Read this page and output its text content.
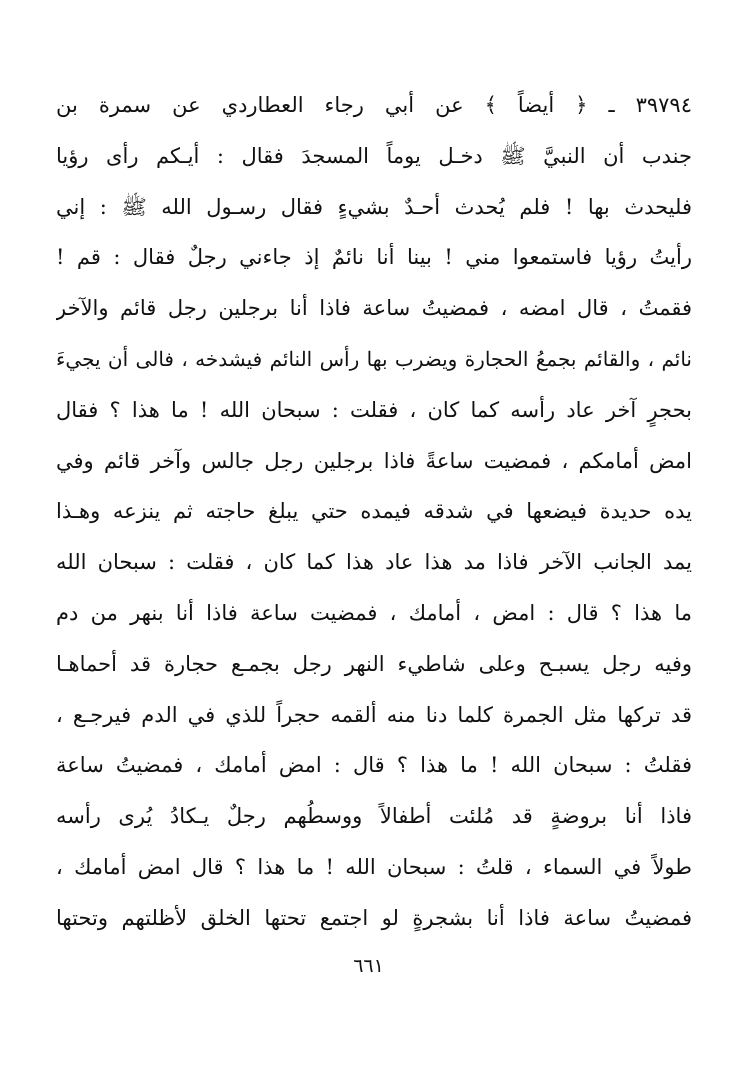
٣٩٧٩٤ ـ ﴿ أيضاً ﴾ عن أبي رجاء العطاردي عن سمرة بن
جندب أن النبيَّ ﷺ دخـل يوماً المسجدَ فقال : أيـكم رأى رؤيا
فليحدث بها ! فلم يُحدث أحـدٌ بشيءٍ فقال رسـول الله ﷺ : إني
رأيتُ رؤيا فاستمعوا مني ! بينا أنا نائمٌ إذ جاءني رجلٌ فقال : قم !
فقمتُ ، قال امضه ، فمضيتُ ساعة فاذا أنا برجلين رجل قائم والآخر
نائم ، والقائم بجمعُ الحجارة ويضرب بها رأس النائم فيشدخه ، فالى أن يجيءَ
بحجرٍ آخر عاد رأسه كما كان ، فقلت : سبحان الله ! ما هذا ؟ فقال
امض أمامكم ، فمضيت ساعةً فاذا برجلين رجل جالس وآخر قائم وفي
يده حديدة فيضعها في شدقه فيمده حتي يبلغ حاجته ثم ينزعه وهـذا
يمد الجانب الآخر فاذا مد هذا عاد هذا كما كان ، فقلت : سبحان الله
ما هذا ؟ قال : امض ، أمامك ، فمضيت ساعة فاذا أنا بنهر من دم
وفيه رجل يسبـح وعلى شاطيء النهر رجل بجمـع حجارة قد أحماهـا
قد تركها مثل الجمرة كلما دنا منه ألقمه حجراً للذي في الدم فيرجـع ،
فقلتُ : سبحان الله ! ما هذا ؟ قال : امض أمامك ، فمضيتُ ساعة
فاذا أنا بروضةٍ قد مُلئت أطفالاً ووسطُهم رجلٌ يـكادُ يُرى رأسه
طولاً في السماء ، قلتُ : سبحان الله ! ما هذا ؟ قال امض أمامك ،
فمضيتُ ساعة فاذا أنا بشجرةٍ لو اجتمع تحتها الخلق لأظلتهم وتحتها
٦٦١
